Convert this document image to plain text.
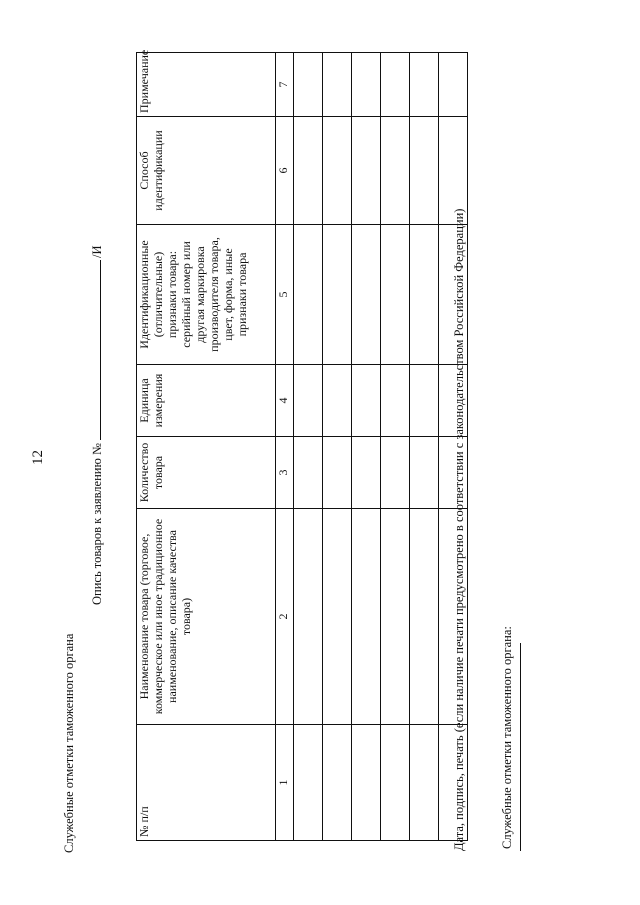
12
Служебные отметки таможенного органа
Опись товаров к заявлению № /И
№ п/п	Наименование товара (торговое, коммерческое или иное традиционное наименование, описание качества товара)	Количество товара	Единица измерения	Идентификационные (отличительные) признаки товара: серийный номер или другая маркировка производителя товара, цвет, форма, иные признаки товара	Способ идентификации	Примечание
1	2	3	4	5	6	7

Дата, подпись, печать (если наличие печати предусмотрено в соответствии с законодательством Российской Федерации)	Служебные отметки таможенного органа:
